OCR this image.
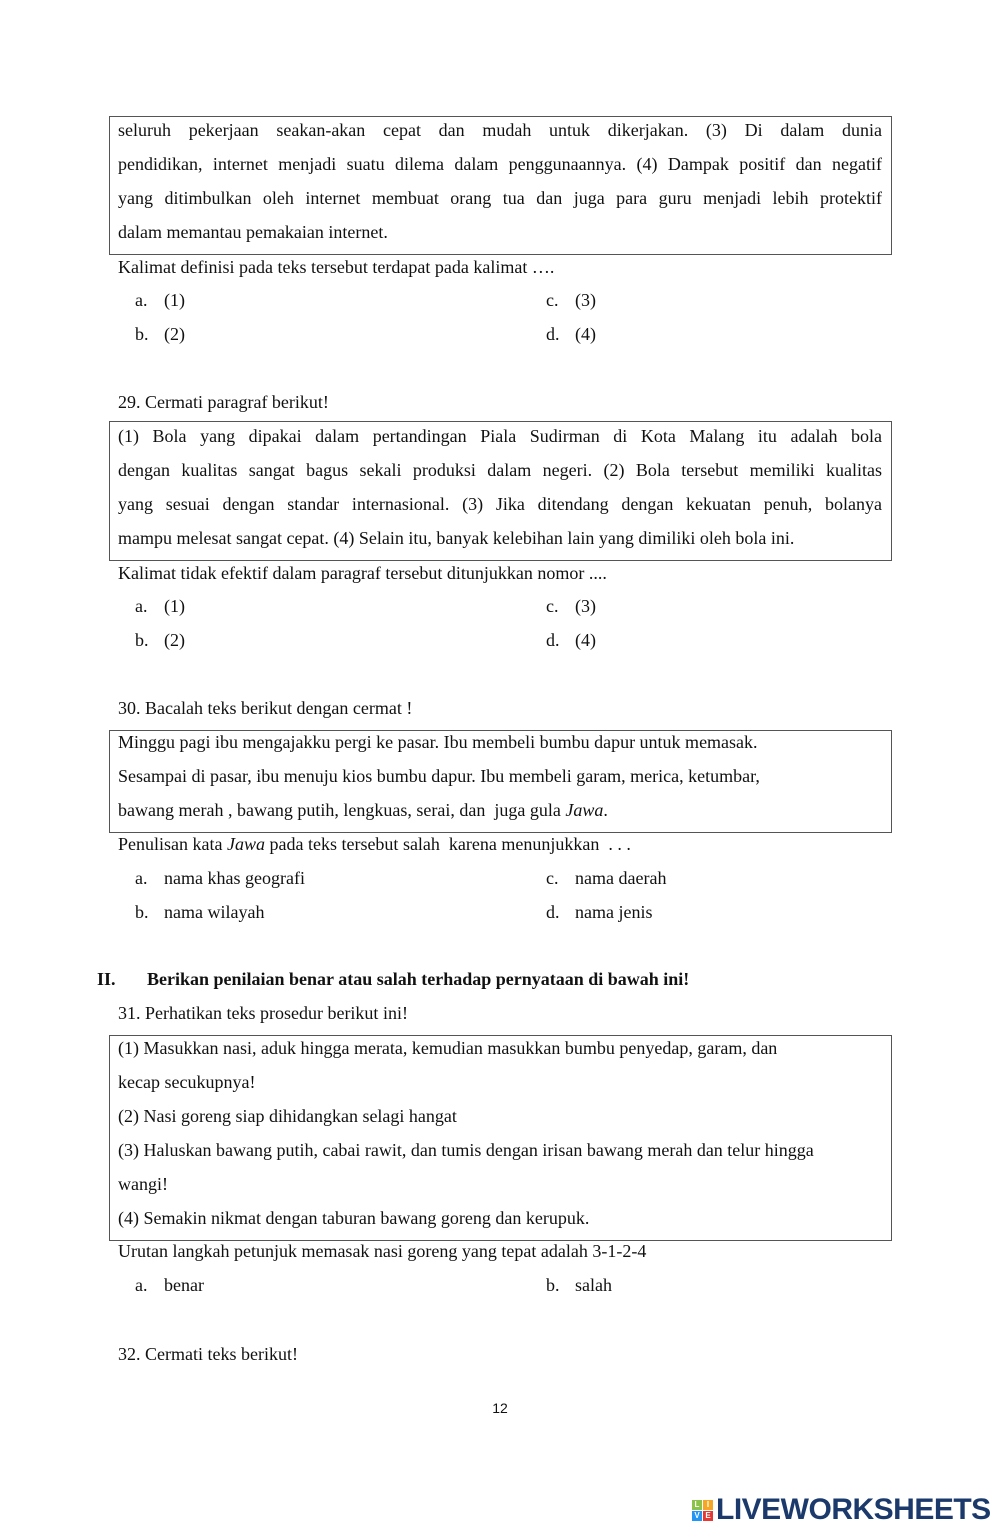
seluruh pekerjaan seakan-akan cepat dan mudah untuk dikerjakan. (3) Di dalam dunia
pendidikan, internet menjadi suatu dilema dalam penggunaannya. (4) Dampak positif dan negatif
yang ditimbulkan oleh internet membuat orang tua dan juga para guru menjadi lebih protektif
dalam memantau pemakaian internet.
Kalimat definisi pada teks tersebut terdapat pada kalimat ….
a. (1)
b. (2)
c. (3)
d. (4)
29. Cermati paragraf berikut!
(1) Bola yang dipakai dalam pertandingan Piala Sudirman di Kota Malang itu adalah bola
dengan kualitas sangat bagus sekali produksi dalam negeri. (2) Bola tersebut memiliki kualitas
yang sesuai dengan standar internasional. (3) Jika ditendang dengan kekuatan penuh, bolanya
mampu melesat sangat cepat. (4) Selain itu, banyak kelebihan lain yang dimiliki oleh bola ini.
Kalimat tidak efektif dalam paragraf tersebut ditunjukkan nomor ....
a. (1)
b. (2)
c. (3)
d. (4)
30. Bacalah teks berikut dengan cermat !
Minggu pagi ibu mengajakku pergi ke pasar. Ibu membeli bumbu dapur untuk memasak.
Sesampai di pasar, ibu menuju kios bumbu dapur. Ibu membeli garam, merica, ketumbar,
bawang merah , bawang putih, lengkuas, serai, dan  juga gula Jawa.
Penulisan kata Jawa pada teks tersebut salah  karena menunjukkan  . . .
a. nama khas geografi
b. nama wilayah
c. nama daerah
d. nama jenis
II. Berikan penilaian benar atau salah terhadap pernyataan di bawah ini!
31. Perhatikan teks prosedur berikut ini!
(1) Masukkan nasi, aduk hingga merata, kemudian masukkan bumbu penyedap, garam, dan
kecap secukupnya!
(2) Nasi goreng siap dihidangkan selagi hangat
(3) Haluskan bawang putih, cabai rawit, dan tumis dengan irisan bawang merah dan telur hingga
wangi!
(4) Semakin nikmat dengan taburan bawang goreng dan kerupuk.
Urutan langkah petunjuk memasak nasi goreng yang tepat adalah 3-1-2-4
a. benar	b. salah
32. Cermati teks berikut!
12
L I
V E LIVEWORKSHEETS
